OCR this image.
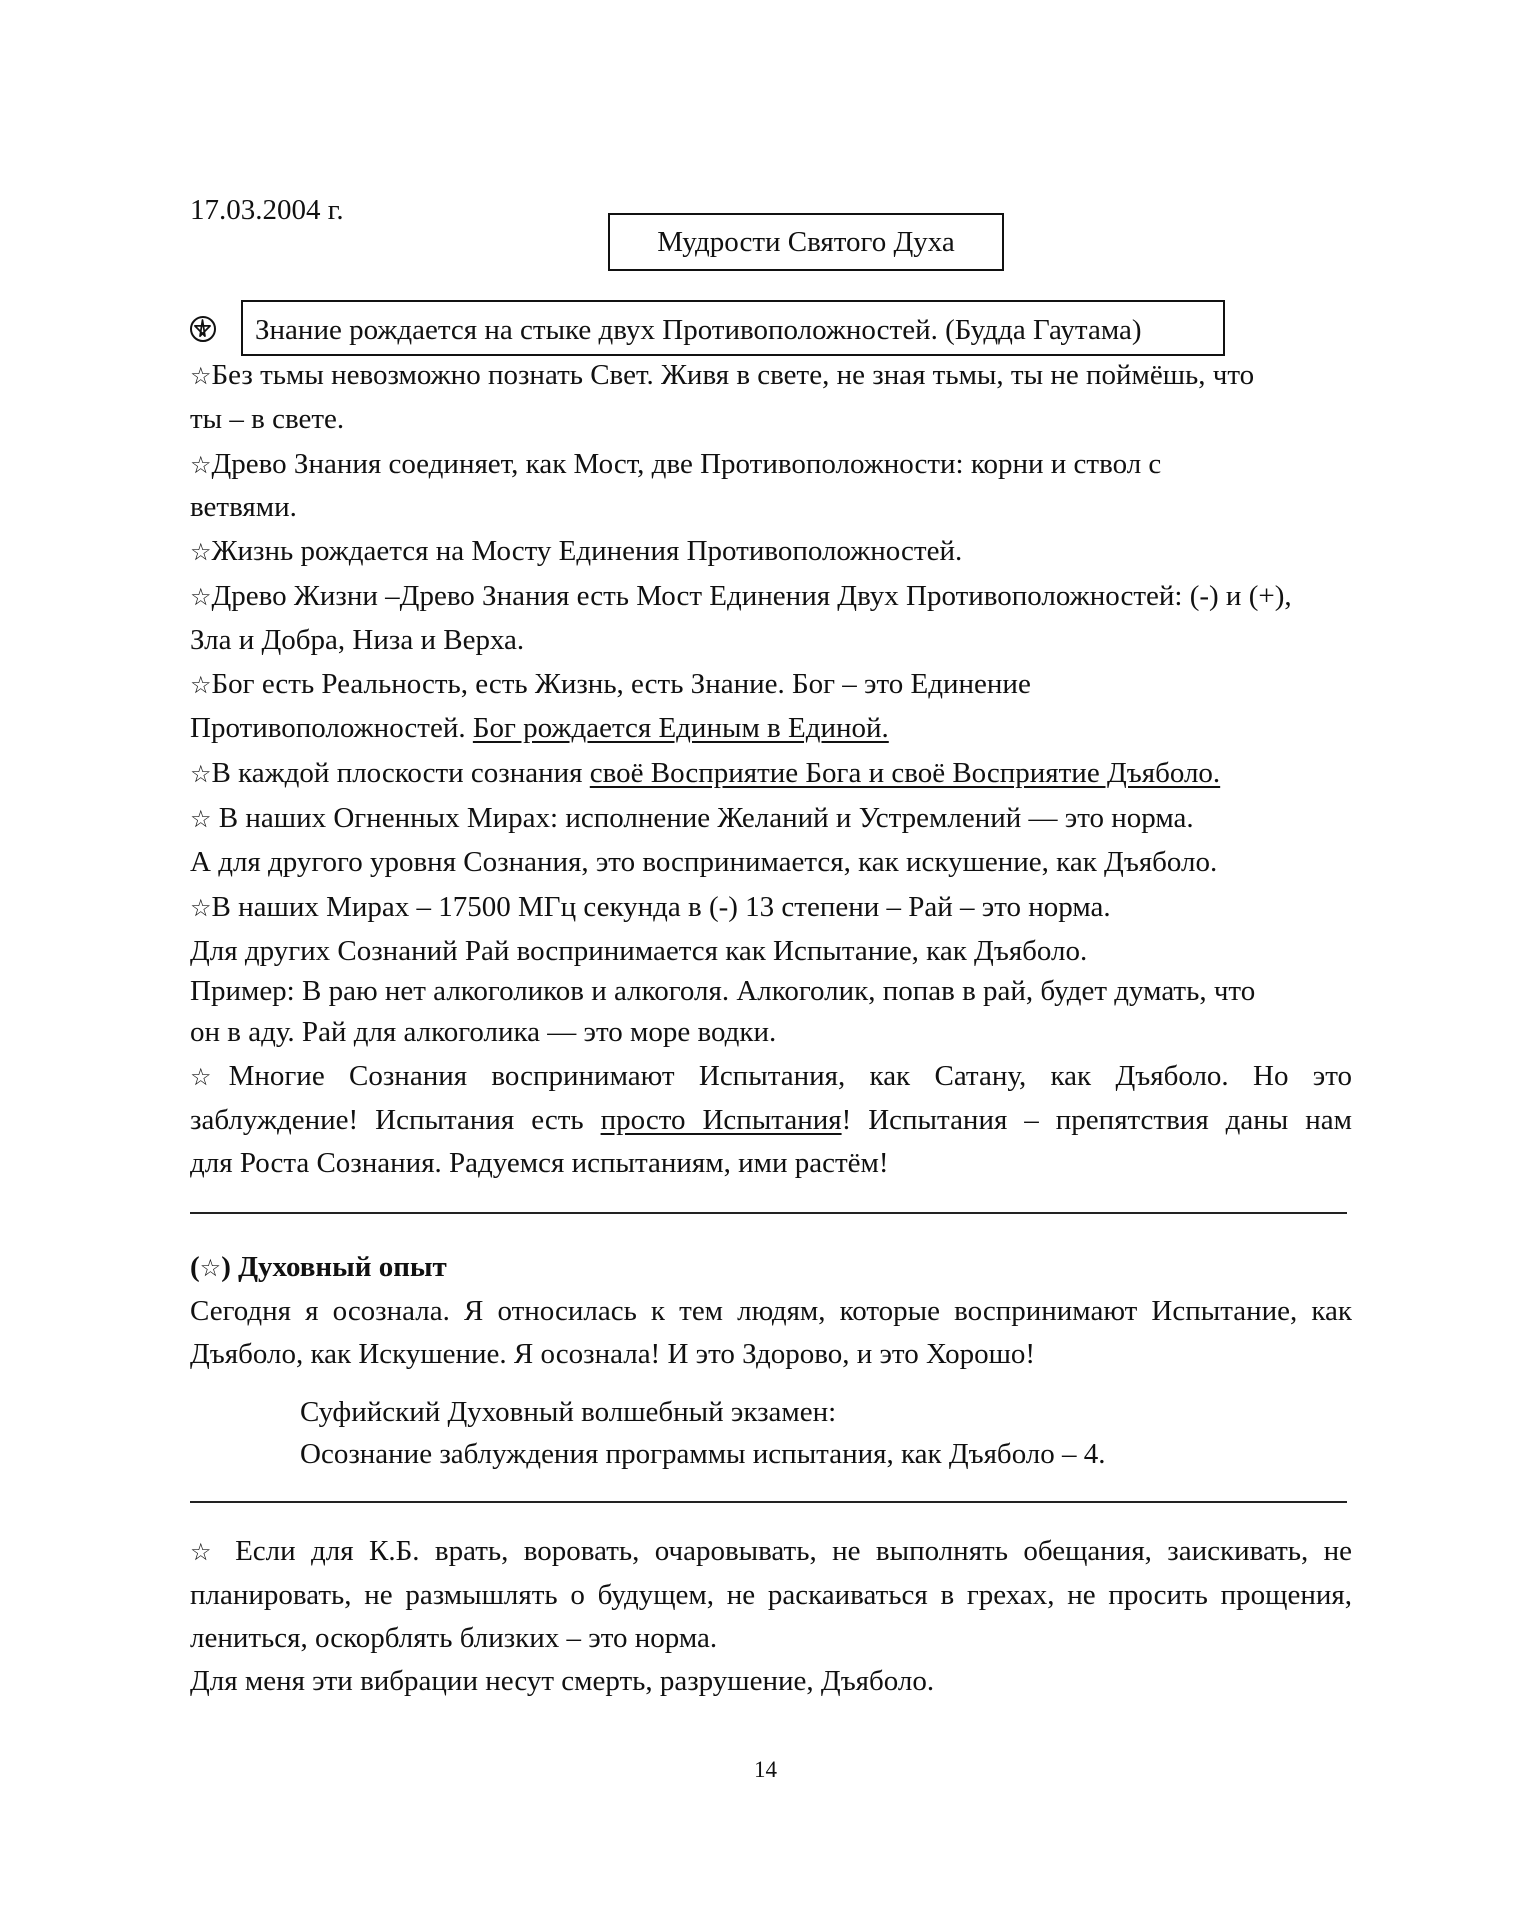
17.03.2004 г.
Мудрости Святого Духа
Знание рождается на стыке двух Противоположностей. (Будда Гаутама)
☆Без тьмы невозможно познать Свет. Живя в свете, не зная тьмы, ты не поймёшь, что
ты – в свете.
☆Древо Знания соединяет, как Мост, две Противоположности: корни и ствол с
ветвями.
☆Жизнь рождается на Мосту Единения Противоположностей.
☆Древо Жизни –Древо Знания есть Мост Единения Двух Противоположностей: (-) и (+),
Зла и Добра, Низа и Верха.
☆Бог есть Реальность, есть Жизнь, есть Знание. Бог – это Единение
Противоположностей. Бог рождается Единым в Единой.
☆В каждой плоскости сознания своё Восприятие Бога и своё Восприятие Дъяболо.
☆ В наших Огненных Мирах: исполнение Желаний и Устремлений — это норма.
А для другого уровня Сознания, это воспринимается, как искушение, как Дъяболо.
☆В наших Мирах – 17500 МГц секунда в (-) 13 степени – Рай – это норма.
Для других Сознаний Рай воспринимается как Испытание, как Дъяболо.
Пример: В раю нет алкоголиков и алкоголя. Алкоголик, попав в рай, будет думать, что
он в аду. Рай для алкоголика — это море водки.
☆Многие Сознания воспринимают Испытания, как Сатану, как Дъяболо. Но это
заблуждение! Испытания есть просто Испытания! Испытания – препятствия даны нам
для Роста Сознания. Радуемся испытаниям, ими растём!
(☆) Духовный опыт
Сегодня я осознала. Я относилась к тем людям, которые воспринимают Испытание, как
Дъяболо, как Искушение. Я осознала! И это Здорово, и это Хорошо!
Суфийский Духовный волшебный экзамен:
Осознание заблуждения программы испытания, как Дъяболо – 4.
☆ Если для К.Б. врать, воровать, очаровывать, не выполнять обещания, заискивать, не
планировать, не размышлять о будущем, не раскаиваться в грехах, не просить прощения,
лениться, оскорблять близких – это норма.
Для меня эти вибрации несут смерть, разрушение, Дъяболо.
14
